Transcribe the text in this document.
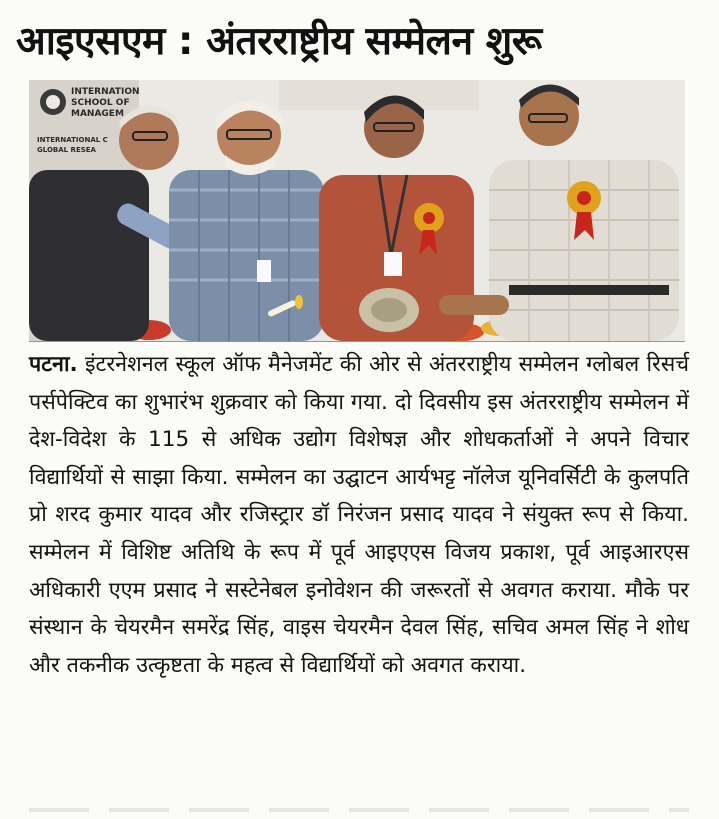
आइएसएम : अंतरराष्ट्रीय सम्मेलन शुरू
INTERNATION
SCHOOL OF
MANAGEM
INTERNATIONAL C
GLOBAL RESEA

पटना. इंटरनेशनल स्कूल ऑफ मैनेजमेंट की ओर से अंतरराष्ट्रीय सम्मेलन ग्लोबल रिसर्च पर्सपेक्टिव का शुभारंभ शुक्रवार को किया गया. दो दिवसीय इस अंतरराष्ट्रीय सम्मेलन में देश-विदेश के 115 से अधिक उद्योग विशेषज्ञ और शोधकर्ताओं ने अपने विचार विद्यार्थियों से साझा किया. सम्मेलन का उद्घाटन आर्यभट्ट नॉलेज यूनिवर्सिटी के कुलपति प्रो शरद कुमार यादव और रजिस्ट्रार डॉ निरंजन प्रसाद यादव ने संयुक्त रूप से किया. सम्मेलन में विशिष्ट अतिथि के रूप में पूर्व आइएएस विजय प्रकाश, पूर्व आइआरएस अधिकारी एएम प्रसाद ने सस्टेनेबल इनोवेशन की जरूरतों से अवगत कराया. मौके पर संस्थान के चेयरमैन समरेंद्र सिंह, वाइस चेयरमैन देवल सिंह, सचिव अमल सिंह ने शोध और तकनीक उत्कृष्टता के महत्व से विद्यार्थियों को अवगत कराया.
